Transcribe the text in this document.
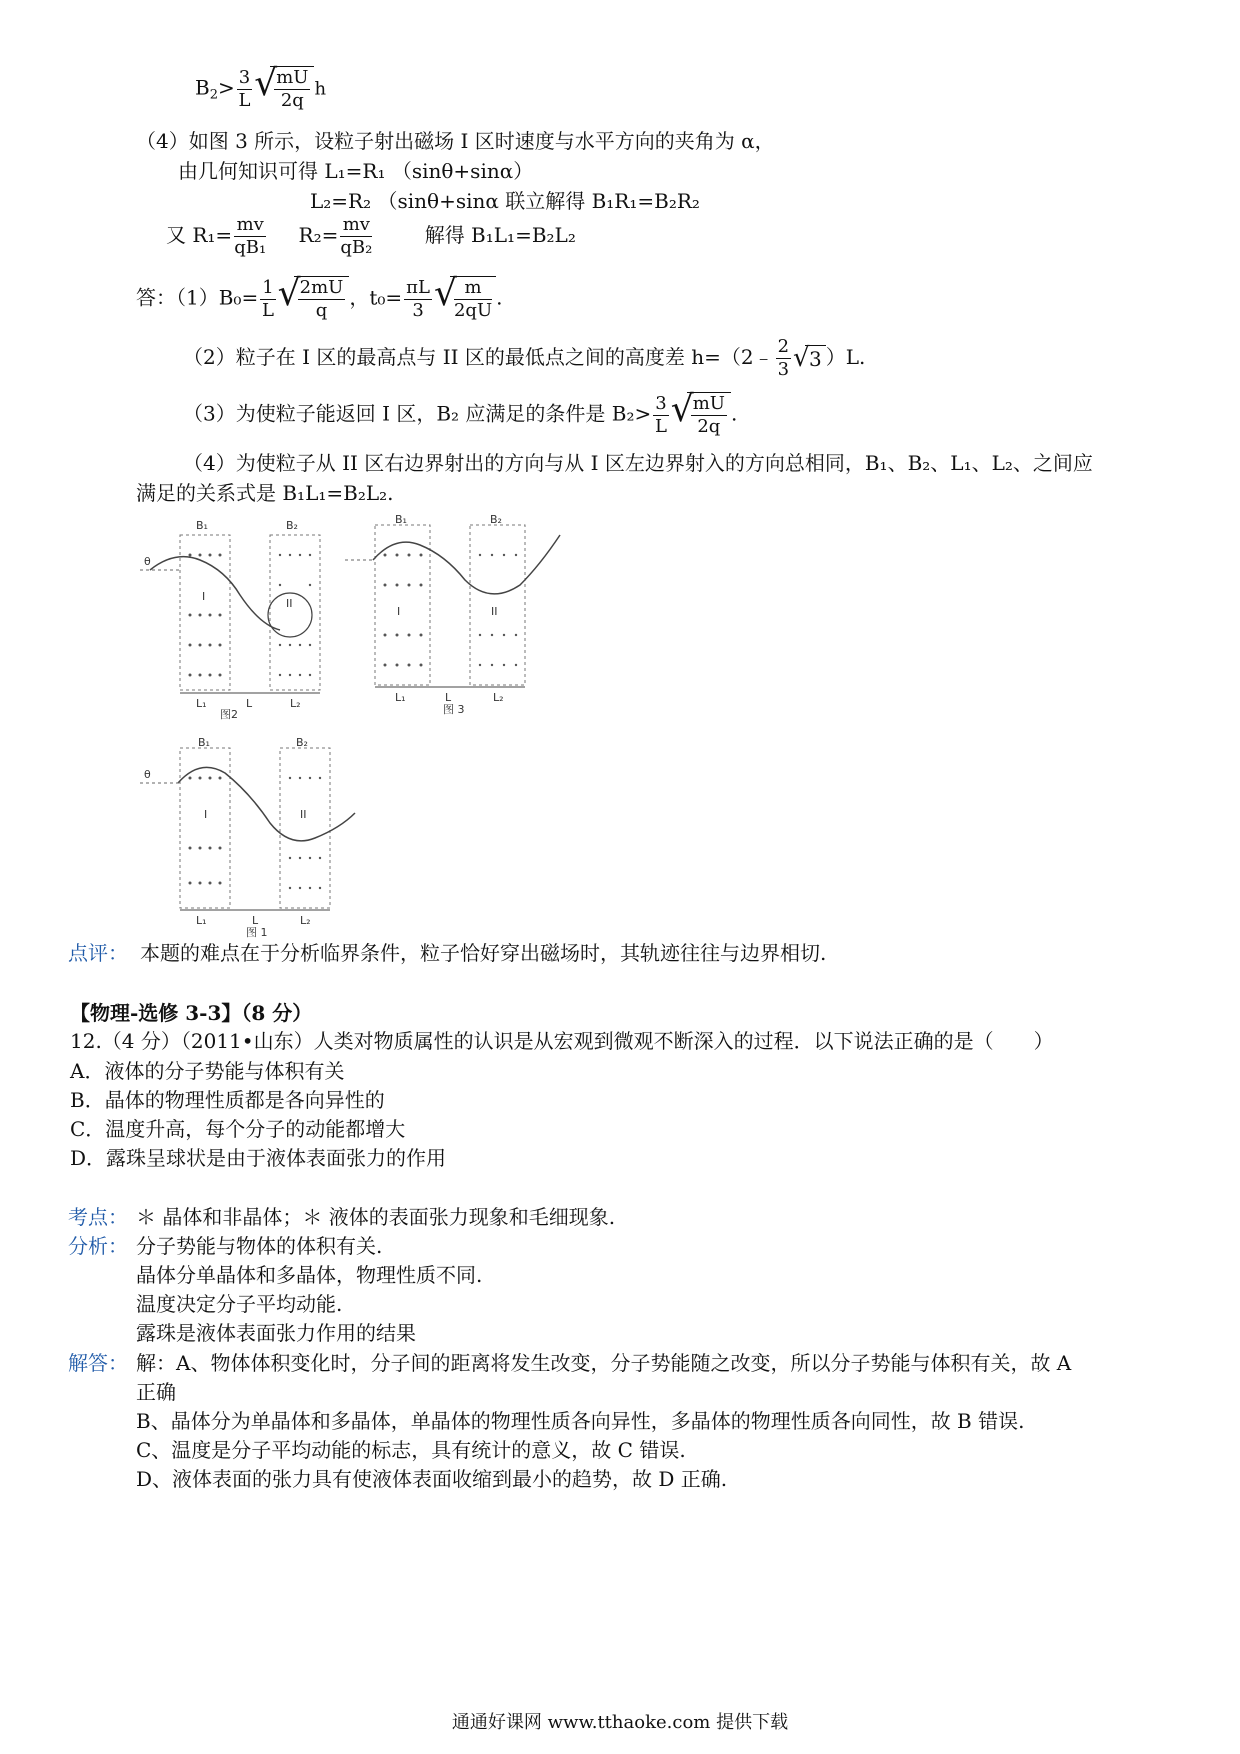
$B_2> \frac{3}{L}$ √
$\frac{mU}{2q}$ h
（4）如图 3 所示，设粒子射出磁场 I 区时速度与水平方向的夹角为 α，
由几何知识可得 L₁=R₁ （sinθ+sinα）
L₂=R₂ （sinθ+sinα 联立解得 B₁R₁=B₂R₂
又 $R_1= \frac{mv}{\text{qB₁}} R_2= \frac{mv}{\text{qB₂}}$	解得 B₁L₁=B₂L₂
答：$(1)B_0= \frac{1}{L}$ √
$\frac{2mU}{q}$ ，$t_0= \frac{\pi L}{3}$ √
$\frac{m}{2qU}$ .
（2）粒子在 I 区的最高点与 II 区的最低点之间的高度差 h=（2﹣ $\frac{2}{3}$ √ 3 ）L.
（3）为使粒子能返回 I 区，B₂ 应满足的条件是 $B_2> \frac{3}{L}$ √
$\frac{mU}{2q}$ .
（4）为使粒子从 II 区右边界射出的方向与从 I 区左边界射入的方向总相同，B₁、B₂、L₁、L₂、之间应
满足的关系式是 B₁L₁=B₂L₂.
B₁	B₂
I
II
L₁	L	L₂
θ
图2
B₁	B₂
I	II
L₁	L	L₂
图 3
B₁	B₂
I	II
L₁	L	L₂
θ
图 1
点评： 本题的难点在于分析临界条件，粒子恰好穿出磁场时，其轨迹往往与边界相切.
【物理-选修 3-3】（8 分）
12.（4 分）（2011•山东）人类对物质属性的认识是从宏观到微观不断深入的过程．以下说法正确的是（　　）
A．液体的分子势能与体积有关
B．晶体的物理性质都是各向异性的
C．温度升高，每个分子的动能都增大
D．露珠呈球状是由于液体表面张力的作用
考点： ＊ 晶体和非晶体；＊ 液体的表面张力现象和毛细现象.
分析： 分子势能与物体的体积有关.
晶体分单晶体和多晶体，物理性质不同.
温度决定分子平均动能.
露珠是液体表面张力作用的结果
解答： 解：A、物体体积变化时，分子间的距离将发生改变，分子势能随之改变，所以分子势能与体积有关，故 A
正确
B、晶体分为单晶体和多晶体，单晶体的物理性质各向异性，多晶体的物理性质各向同性，故 B 错误.
C、温度是分子平均动能的标志，具有统计的意义，故 C 错误.
D、液体表面的张力具有使液体表面收缩到最小的趋势，故 D 正确.
通通好课网 www.tthaoke.com 提供下载
